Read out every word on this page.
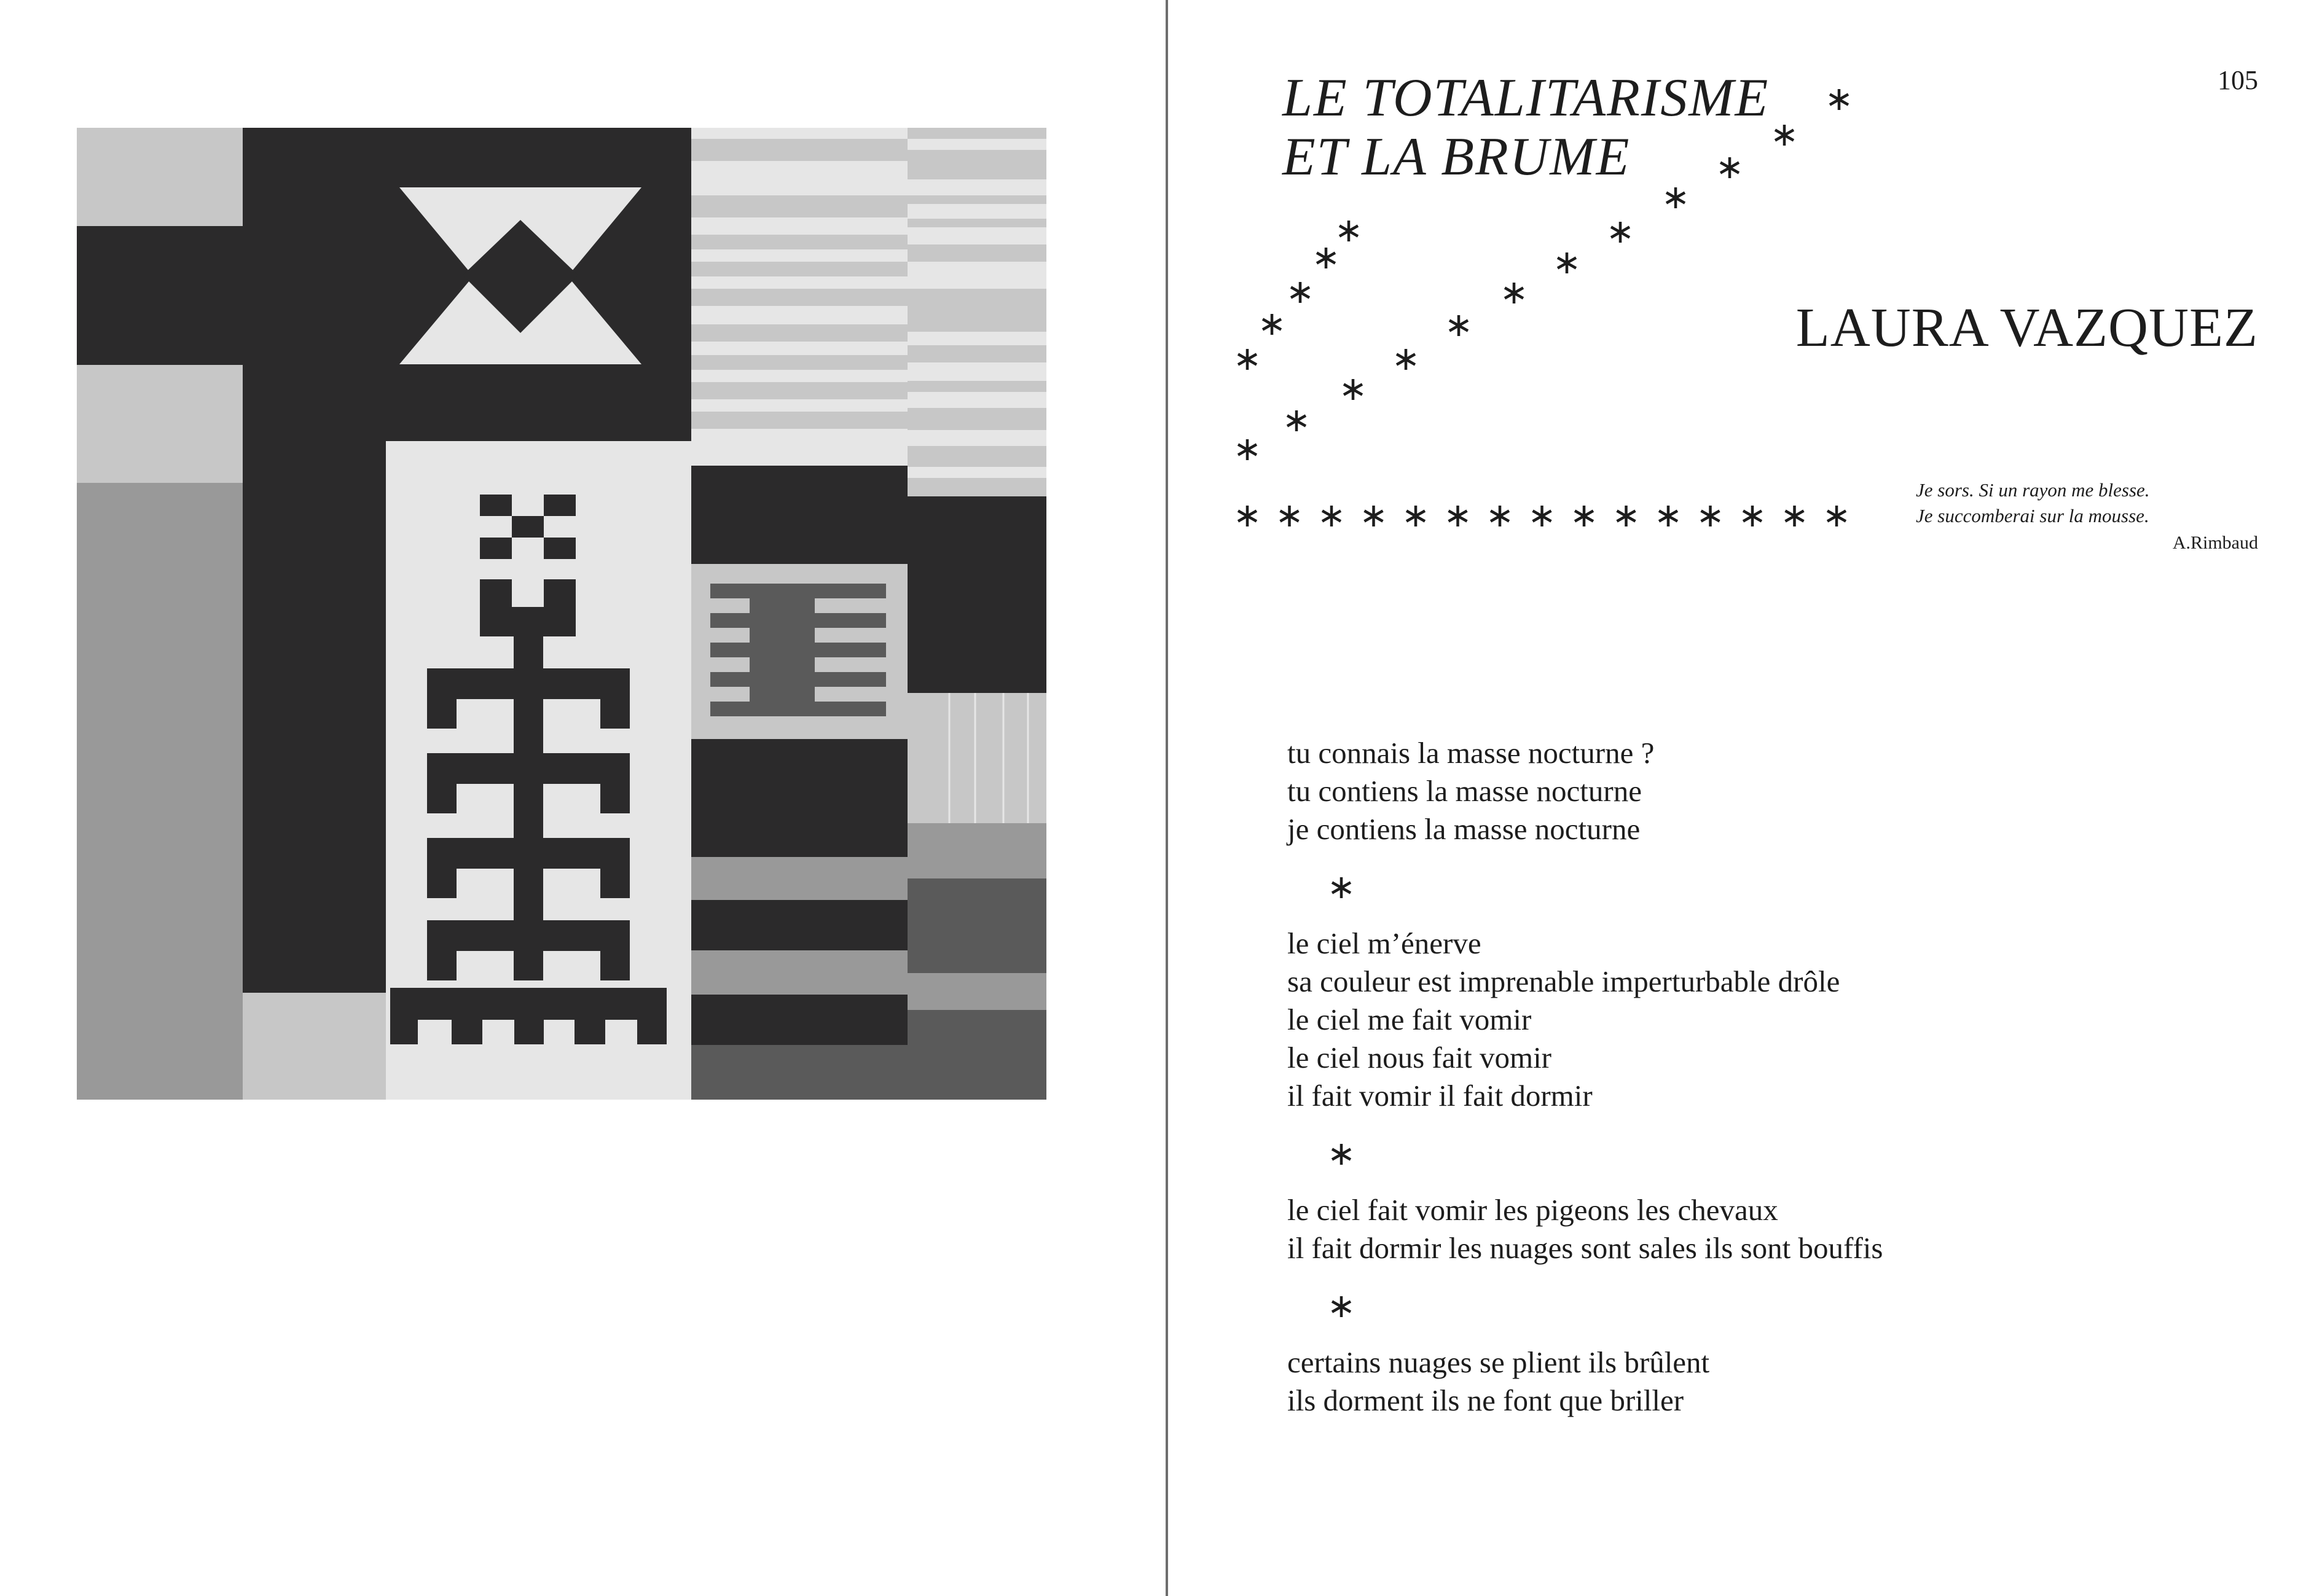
105
LE TOTALITARISME
ET LA BRUME
LAURA VAZQUEZ
Je sors. Si un rayon me blesse.
Je succomberai sur la mousse.
A.Rimbaud
tu connais la masse nocturne ?
tu contiens la masse nocturne
je contiens la masse nocturne
le ciel m’énerve
sa couleur est imprenable imperturbable drôle
le ciel me fait vomir
le ciel nous fait vomir
il fait vomir il fait dormir
le ciel fait vomir les pigeons les chevaux
il fait dormir les nuages sont sales ils sont bouffis
certains nuages se plient ils brûlent
ils dorment ils ne font que briller
